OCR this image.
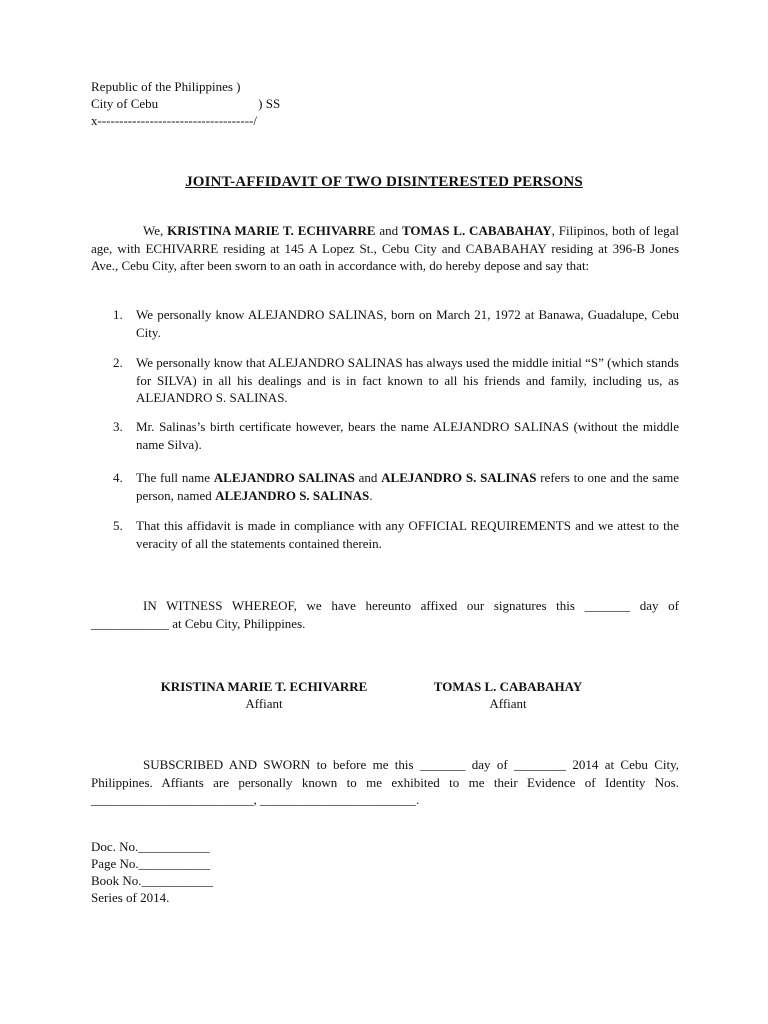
Republic of the Philippines )
City of Cebu	) SS
x------------------------------------/
JOINT-AFFIDAVIT OF TWO DISINTERESTED PERSONS
We, KRISTINA MARIE T. ECHIVARRE and TOMAS L. CABABAHAY, Filipinos, both of legal age, with ECHIVARRE residing at 145 A Lopez St., Cebu City and CABABAHAY residing at 396-B Jones Ave., Cebu City, after been sworn to an oath in accordance with, do hereby depose and say that:
1. We personally know ALEJANDRO SALINAS, born on March 21, 1972 at Banawa, Guadalupe, Cebu City.
2. We personally know that ALEJANDRO SALINAS has always used the middle initial “S” (which stands for SILVA) in all his dealings and is in fact known to all his friends and family, including us, as ALEJANDRO S. SALINAS.
3. Mr. Salinas’s birth certificate however, bears the name ALEJANDRO SALINAS (without the middle name Silva).
4. The full name ALEJANDRO SALINAS and ALEJANDRO S. SALINAS refers to one and the same person, named ALEJANDRO S. SALINAS.
5. That this affidavit is made in compliance with any OFFICIAL REQUIREMENTS and we attest to the veracity of all the statements contained therein.
IN WITNESS WHEREOF, we have hereunto affixed our signatures this _______ day of ____________ at Cebu City, Philippines.
KRISTINA MARIE T. ECHIVARRE
Affiant
TOMAS L. CABABAHAY
Affiant
SUBSCRIBED AND SWORN to before me this _______ day of ________ 2014 at Cebu City, Philippines. Affiants are personally known to me exhibited to me their Evidence of Identity Nos. _________________________, ________________________.
Doc. No.___________
Page No.___________
Book No.___________
Series of 2014.
